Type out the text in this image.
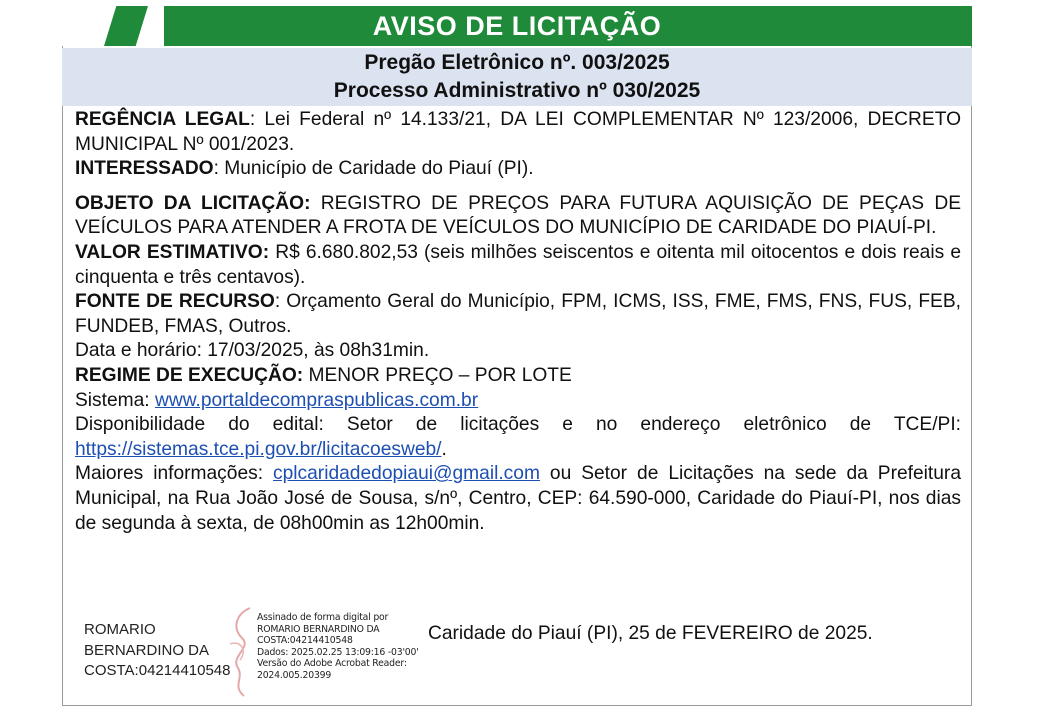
AVISO DE LICITAÇÃO
Pregão Eletrônico nº. 003/2025
Processo Administrativo nº 030/2025

REGÊNCIA LEGAL: Lei Federal nº 14.133/21, DA LEI COMPLEMENTAR Nº 123/2006, DECRETO MUNICIPAL Nº 001/2023.

INTERESSADO: Município de Caridade do Piauí (PI).

OBJETO DA LICITAÇÃO: REGISTRO DE PREÇOS PARA FUTURA AQUISIÇÃO DE PEÇAS DE VEÍCULOS PARA ATENDER A FROTA DE VEÍCULOS DO MUNICÍPIO DE CARIDADE DO PIAUÍ-PI.

VALOR ESTIMATIVO: R$ 6.680.802,53 (seis milhões seiscentos e oitenta mil oitocentos e dois reais e cinquenta e três centavos).

FONTE DE RECURSO: Orçamento Geral do Município, FPM, ICMS, ISS, FME, FMS, FNS, FUS, FEB, FUNDEB, FMAS, Outros.

Data e horário: 17/03/2025, às 08h31min.

REGIME DE EXECUÇÃO: MENOR PREÇO – POR LOTE

Sistema: www.portaldecompraspublicas.com.br

Disponibilidade do edital: Setor de licitações e no endereço eletrônico de TCE/PI: https://sistemas.tce.pi.gov.br/licitacoesweb/.

Maiores informações: cplcaridadedopiaui@gmail.com ou Setor de Licitações na sede da Prefeitura Municipal, na Rua João José de Sousa, s/nº, Centro, CEP: 64.590-000, Caridade do Piauí-PI, nos dias de segunda à sexta, de 08h00min as 12h00min.

ROMARIO
BERNARDINO DA
COSTA:04214410548
Assinado de forma digital por
ROMARIO BERNARDINO DA
COSTA:04214410548
Dados: 2025.02.25 13:09:16 -03'00'
Versão do Adobe Acrobat Reader:
2024.005.20399
Caridade do Piauí (PI), 25 de FEVEREIRO de 2025.
